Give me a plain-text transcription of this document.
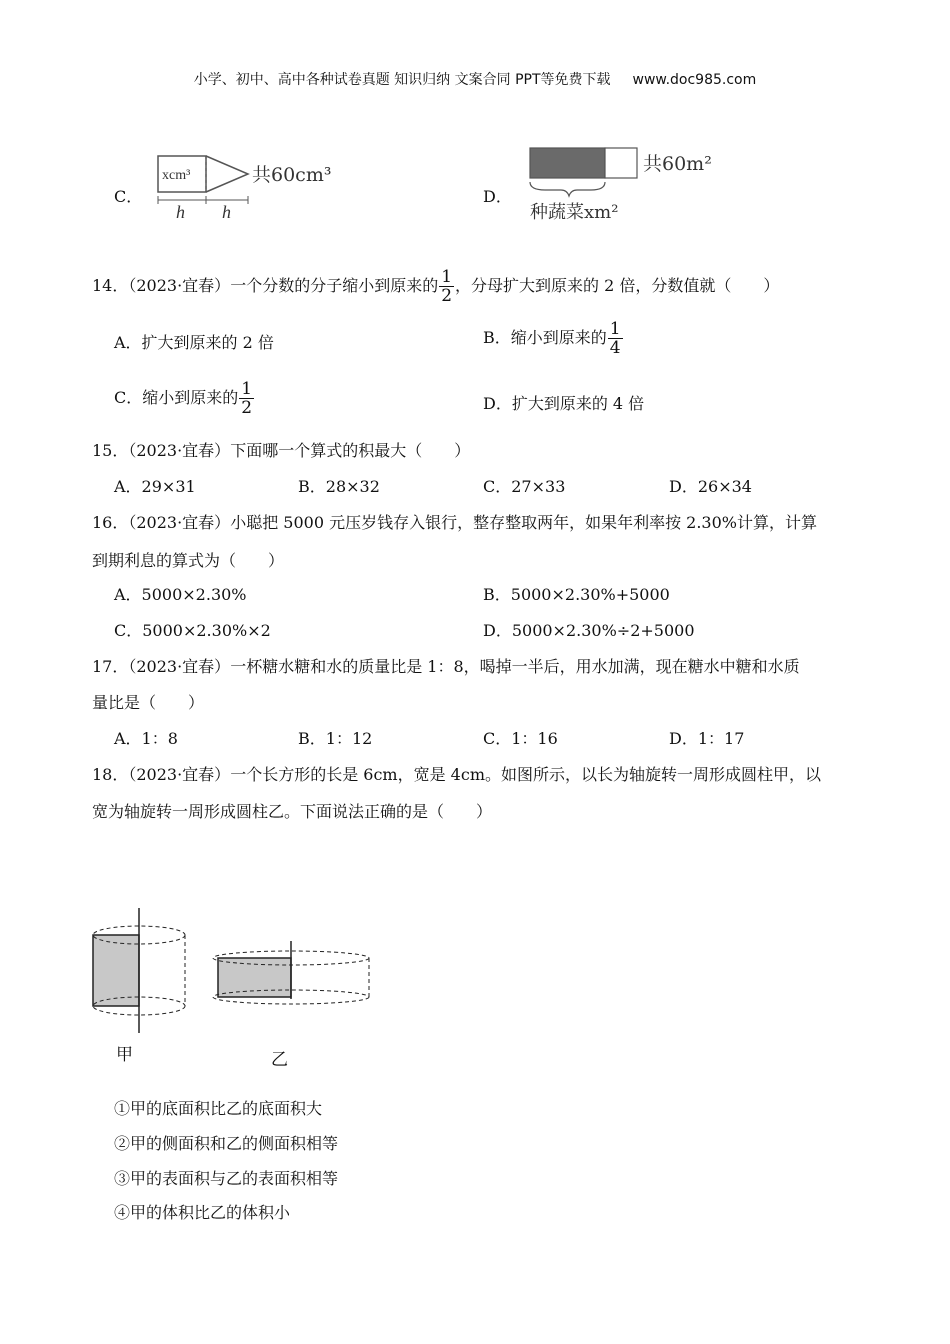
小学、初中、高中各种试卷真题 知识归纳 文案合同 PPT等免费下载 www.doc985.com
C．
xcm³
h h
共60cm³
D．
共60m²
种蔬菜xm²
14．（2023·宜春）一个分数的分子缩小到原来的 $\frac{1}{2}$ ，分母扩大到原来的 2 倍，分数值就（　　）
A．扩大到原来的 2 倍	B．缩小到原来的 $\frac{1}{4}$
C．缩小到原来的 $\frac{1}{2}$	D．扩大到原来的 4 倍
15．（2023·宜春）下面哪一个算式的积最大（　　）
A．29×31	B．28×32	C．27×33	D．26×34
16．（2023·宜春）小聪把 5000 元压岁钱存入银行，整存整取两年，如果年利率按 2.30%计算，计算
到期利息的算式为（　　）
A．5000×2.30%	B．5000×2.30%+5000
C．5000×2.30%×2	D．5000×2.30%÷2+5000
17．（2023·宜春）一杯糖水糖和水的质量比是 1：8，喝掉一半后，用水加满，现在糖水中糖和水质
量比是（　　）
A．1：8	B．1：12	C．1：16	D．1：17
18．（2023·宜春）一个长方形的长是 6cm，宽是 4cm。如图所示，以长为轴旋转一周形成圆柱甲，以
宽为轴旋转一周形成圆柱乙。下面说法正确的是（　　）
甲	乙
①甲的底面积比乙的底面积大
②甲的侧面积和乙的侧面积相等
③甲的表面积与乙的表面积相等
④甲的体积比乙的体积小
